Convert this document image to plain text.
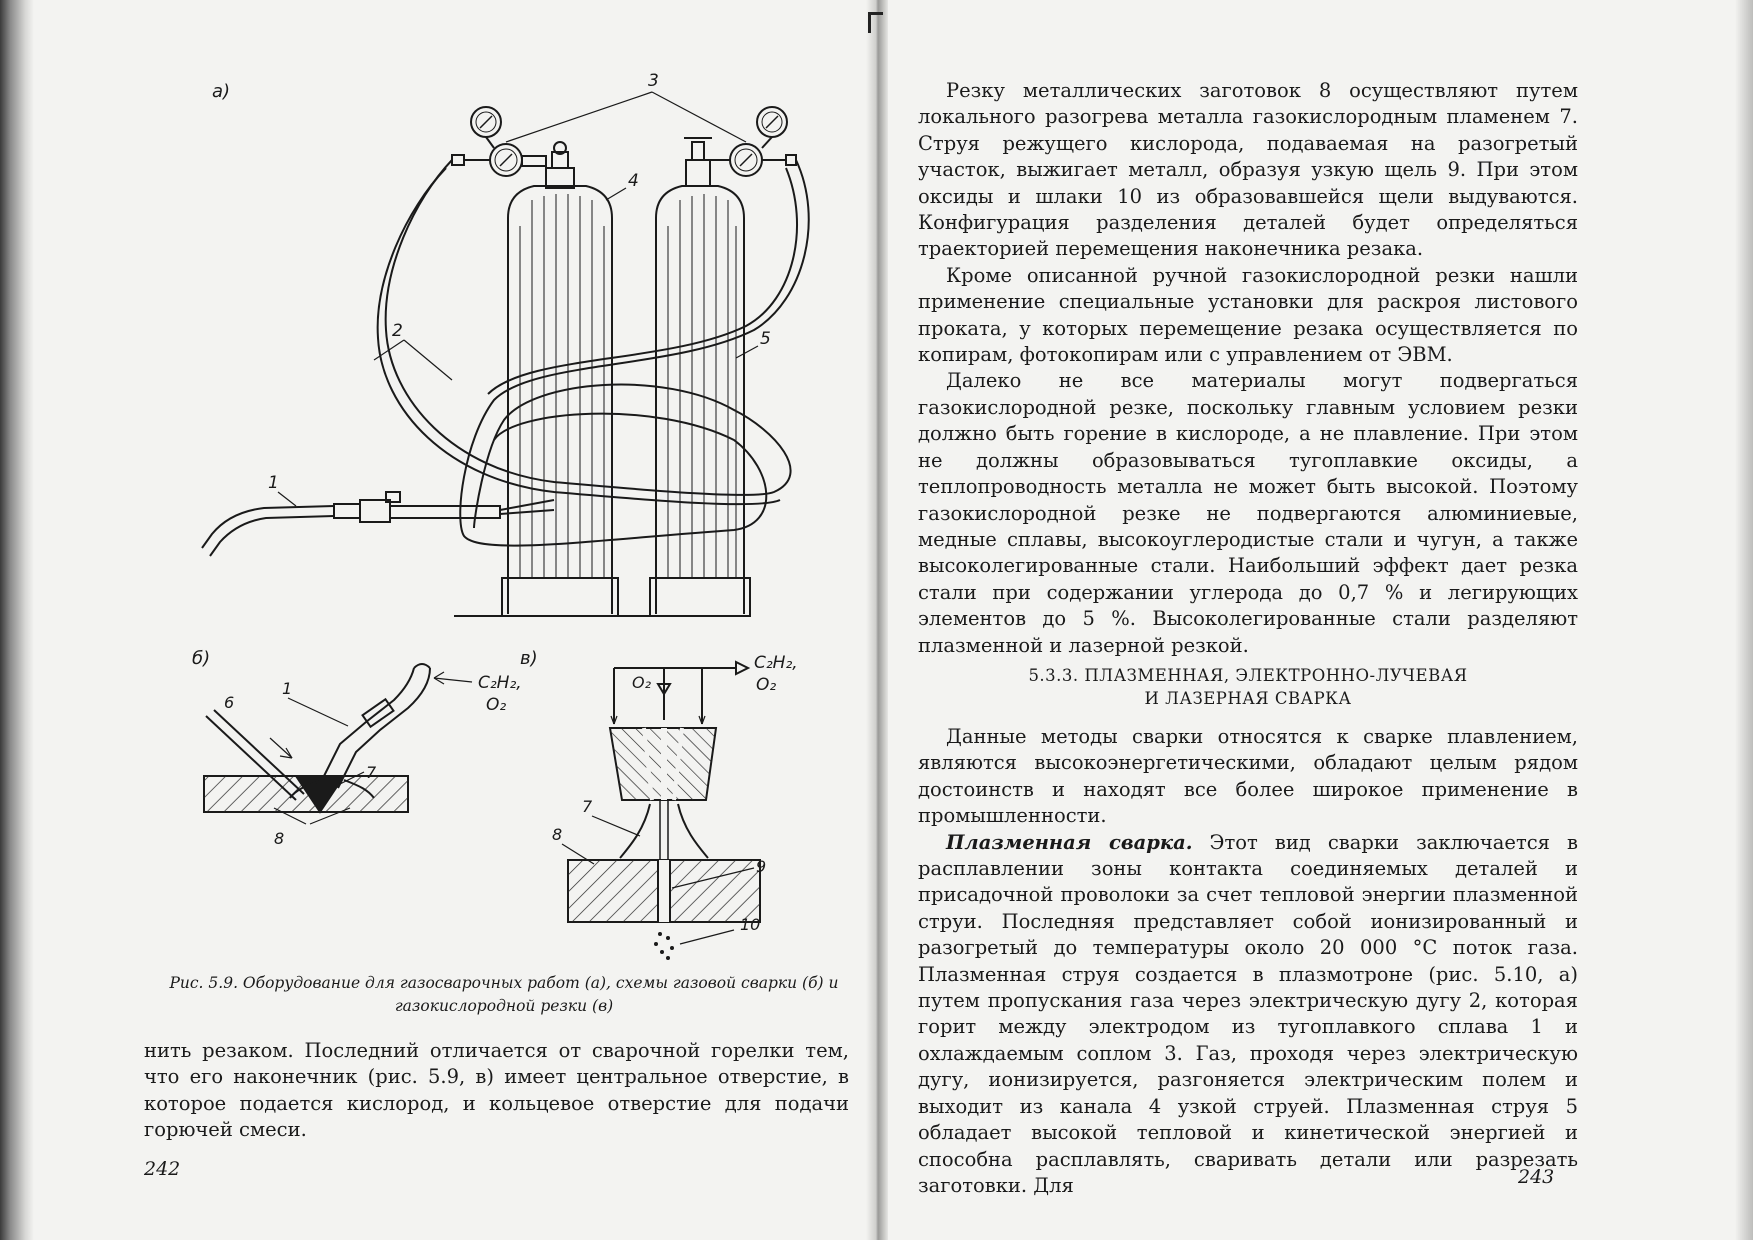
а)	3
4
2	5
1
б)
6
1
7
8
C₂H₂,
O₂
в)	C₂H₂,
O₂
O₂
7
8
9
10
Рис. 5.9. Оборудование для газосварочных работ (а), схемы газовой сварки (б) и газокислородной резки (в)

нить резаком. Последний отличается от сварочной горелки тем, что его наконечник (рис. 5.9, в) имеет центральное отверстие, в которое подается кислород, и кольцевое отверстие для подачи горючей смеси.

242

Резку металлических заготовок 8 осуществляют путем локального разогрева металла газокислородным пламенем 7. Струя режущего кислорода, подаваемая на разогретый участок, выжигает металл, образуя узкую щель 9. При этом оксиды и шлаки 10 из образовавшейся щели выдуваются. Конфигурация разделения деталей будет определяться траекторией перемещения наконечника резака.

Кроме описанной ручной газокислородной резки нашли применение специальные установки для раскроя листового проката, у которых перемещение резака осуществляется по копирам, фотокопирам или с управлением от ЭВМ.

Далеко не все материалы могут подвергаться газокислородной резке, поскольку главным условием резки должно быть горение в кислороде, а не плавление. При этом не должны образовываться тугоплавкие оксиды, а теплопроводность металла не может быть высокой. Поэтому газокислородной резке не подвергаются алюминиевые, медные сплавы, высокоуглеродистые стали и чугун, а также высоколегированные стали. Наибольший эффект дает резка стали при содержании углерода до 0,7 % и легирующих элементов до 5 %. Высоколегированные стали разделяют плазменной и лазерной резкой.

5.3.3. ПЛАЗМЕННАЯ, ЭЛЕКТРОННО-ЛУЧЕВАЯ
И ЛАЗЕРНАЯ СВАРКА

Данные методы сварки относятся к сварке плавлением, являются высокоэнергетическими, обладают целым рядом достоинств и находят все более широкое применение в промышленности.

Плазменная сварка. Этот вид сварки заключается в расплавлении зоны контакта соединяемых деталей и присадочной проволоки за счет тепловой энергии плазменной струи. Последняя представляет собой ионизированный и разогретый до температуры около 20 000 °С поток газа. Плазменная струя создается в плазмотроне (рис. 5.10, а) путем пропускания газа через электрическую дугу 2, которая горит между электродом из тугоплавкого сплава 1 и охлаждаемым соплом 3. Газ, проходя через электрическую дугу, ионизируется, разгоняется электрическим полем и выходит из канала 4 узкой струей. Плазменная струя 5 обладает высокой тепловой и кинетической энергией и способна расплавлять, сваривать детали или разрезать заготовки. Для	243
